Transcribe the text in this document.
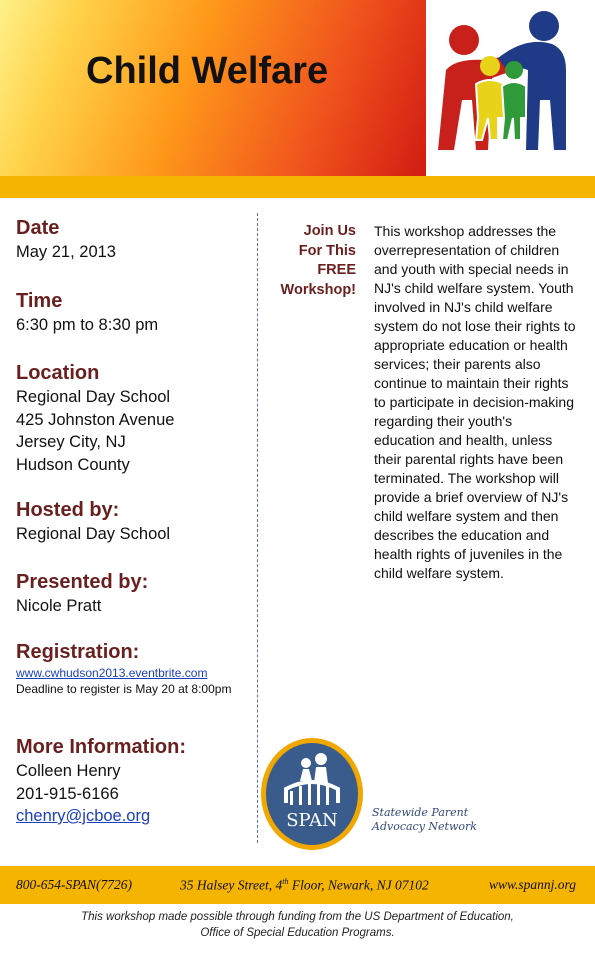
Child Welfare
Date
May 21, 2013
Time
6:30 pm to 8:30 pm
Location
Regional Day School
425 Johnston Avenue
Jersey City, NJ
Hudson County
Hosted by:
Regional Day School
Presented by:
Nicole Pratt
Registration:
www.cwhudson2013.eventbrite.com
Deadline to register is May 20 at 8:00pm
More Information:
Colleen Henry
201-915-6166
chenry@jcboe.org
Join Us
For This
FREE
Workshop!
This workshop addresses the overrepresentation of children and youth with special needs in NJ's child welfare system. Youth involved in NJ's child welfare system do not lose their rights to appropriate education or health services; their parents also continue to maintain their rights to participate in decision-making regarding their youth's education and health, unless their parental rights have been terminated. The workshop will provide a brief overview of NJ's child welfare system and then describes the education and health rights of juveniles in the child welfare system.
SPAN	Statewide Parent
Advocacy Network
800-654-SPAN(7726)	35 Halsey Street, 4th Floor, Newark, NJ 07102	www.spannj.org
This workshop made possible through funding from the US Department of Education,
Office of Special Education Programs.
